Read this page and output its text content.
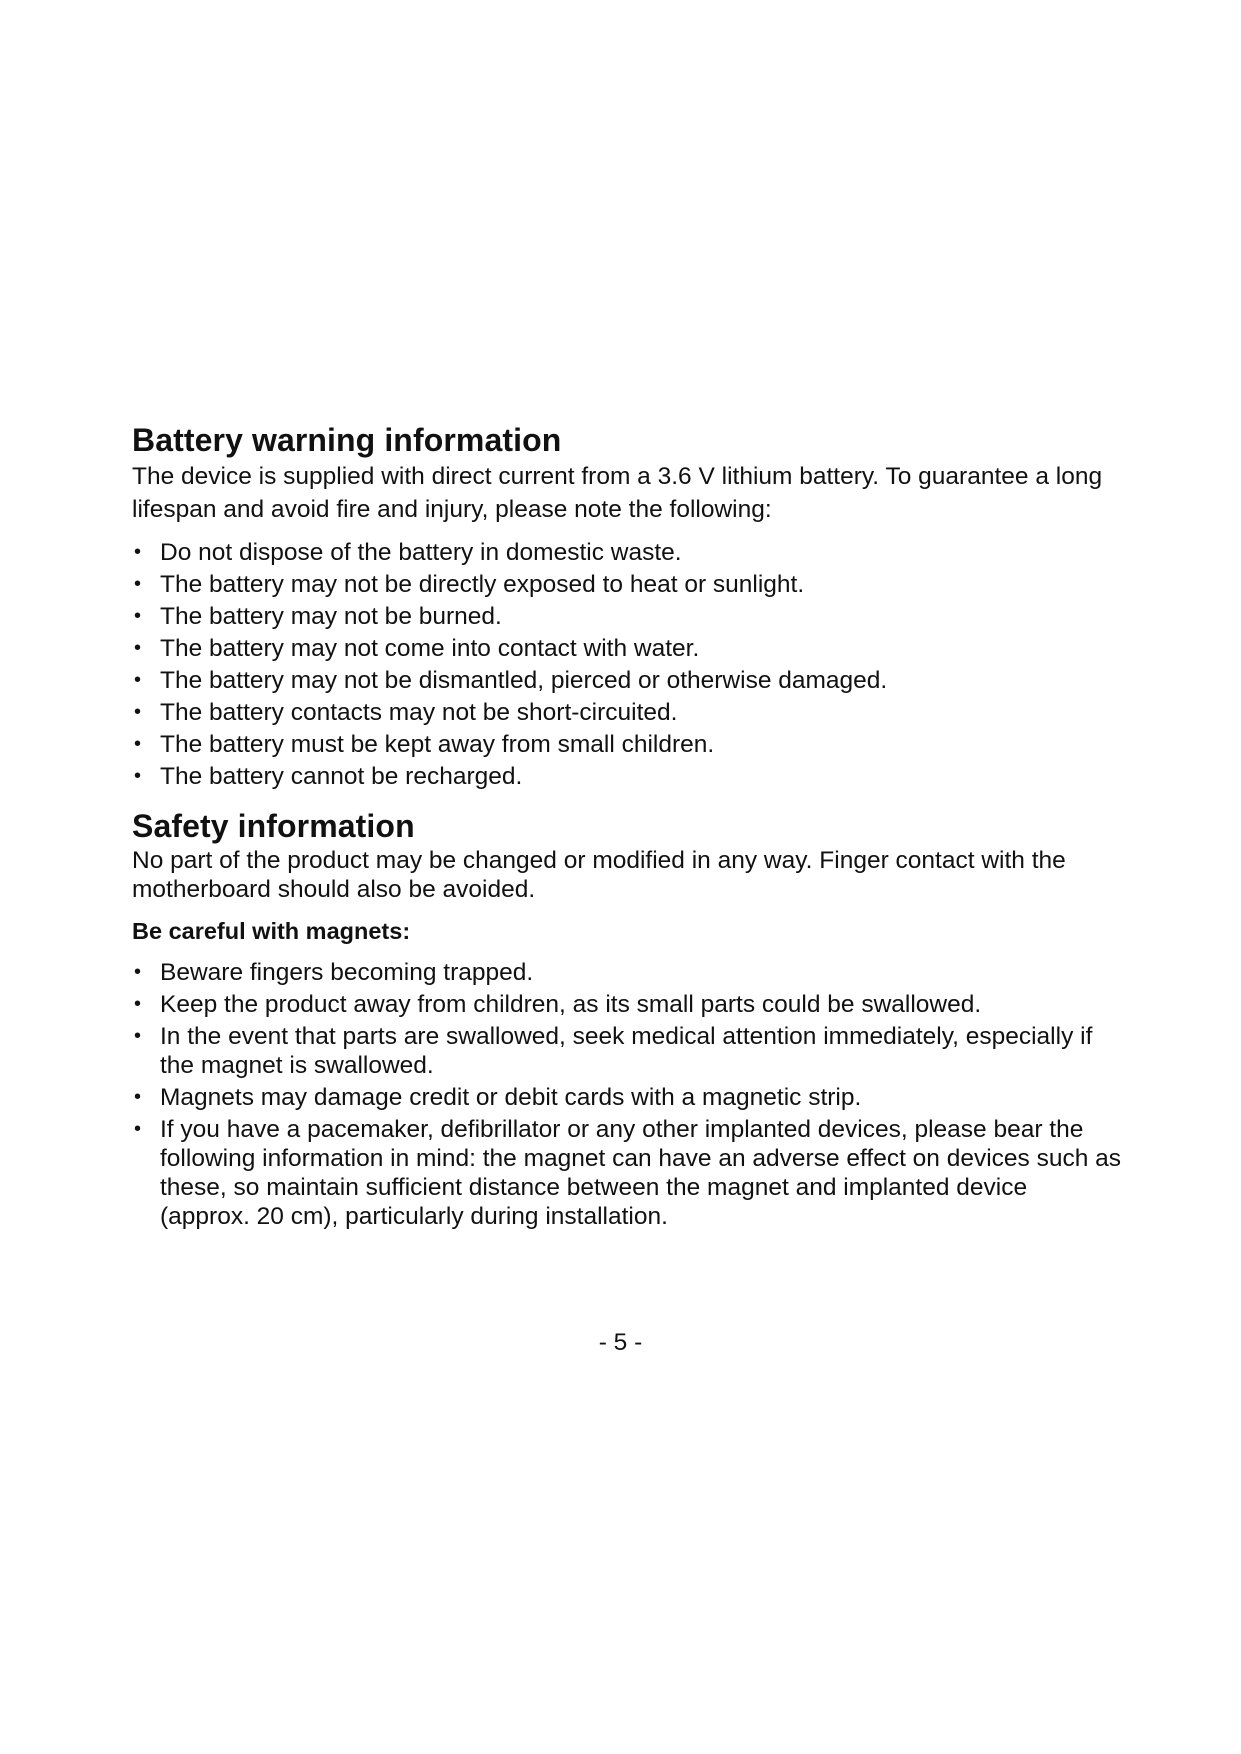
Battery warning information

The device is supplied with direct current from a 3.6 V lithium battery. To guarantee a long lifespan and avoid fire and injury, please note the following:

• Do not dispose of the battery in domestic waste.
• The battery may not be directly exposed to heat or sunlight.
• The battery may not be burned.
• The battery may not come into contact with water.
• The battery may not be dismantled, pierced or otherwise damaged.
• The battery contacts may not be short-circuited.
• The battery must be kept away from small children.
• The battery cannot be recharged.
Safety information

No part of the product may be changed or modified in any way. Finger contact with the motherboard should also be avoided.

Be careful with magnets:

• Beware fingers becoming trapped.
• Keep the product away from children, as its small parts could be swallowed.
• In the event that parts are swallowed, seek medical attention immediately, especially if the magnet is swallowed.
• Magnets may damage credit or debit cards with a magnetic strip.
• If you have a pacemaker, defibrillator or any other implanted devices, please bear the following information in mind: the magnet can have an adverse effect on devices such as these, so maintain sufficient distance between the magnet and implanted device (approx. 20 cm), particularly during installation.
- 5 -
